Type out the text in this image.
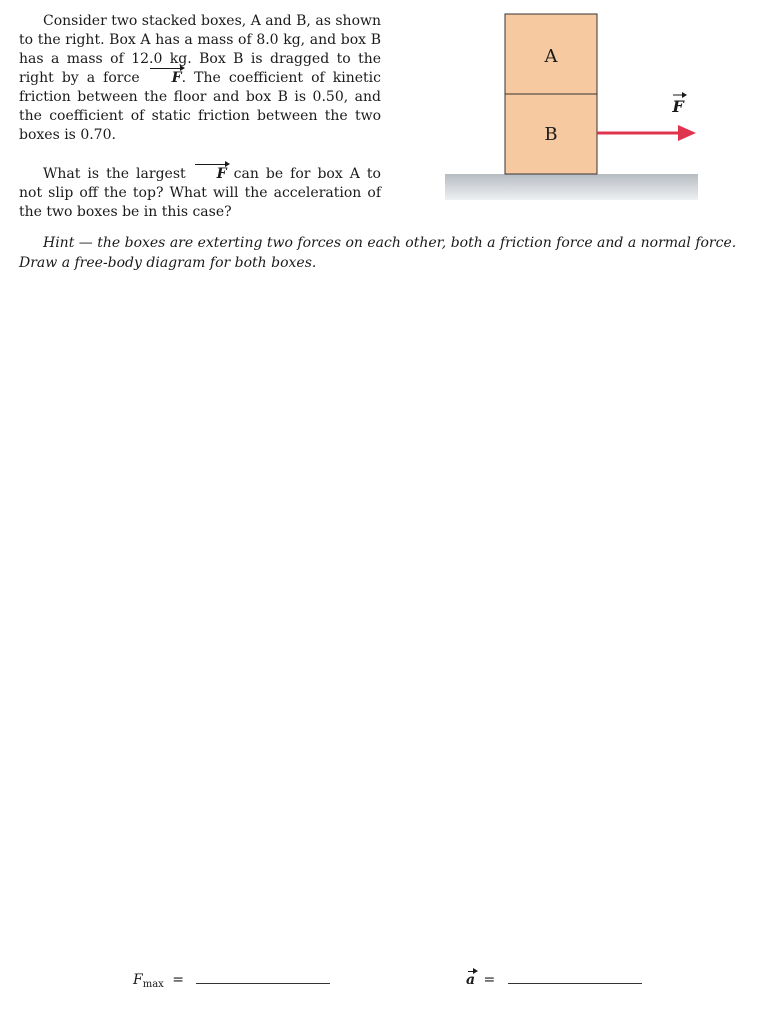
Consider two stacked boxes, A and B, as shown to the right. Box A has a mass of 8.0 kg, and box B has a mass of 12.0 kg. Box B is dragged to the right by a force F. The coefficient of kinetic friction between the floor and box B is 0.50, and the coefficient of static friction between the two boxes is 0.70.

What is the largest F can be for box A to not slip off the top? What will the acceleration of the two boxes be in this case?

A
B
F
Hint — the boxes are exterting two forces on each other, both a friction force and a normal force. Draw a free-body diagram for both boxes.
$F_{max}$ =	a =
